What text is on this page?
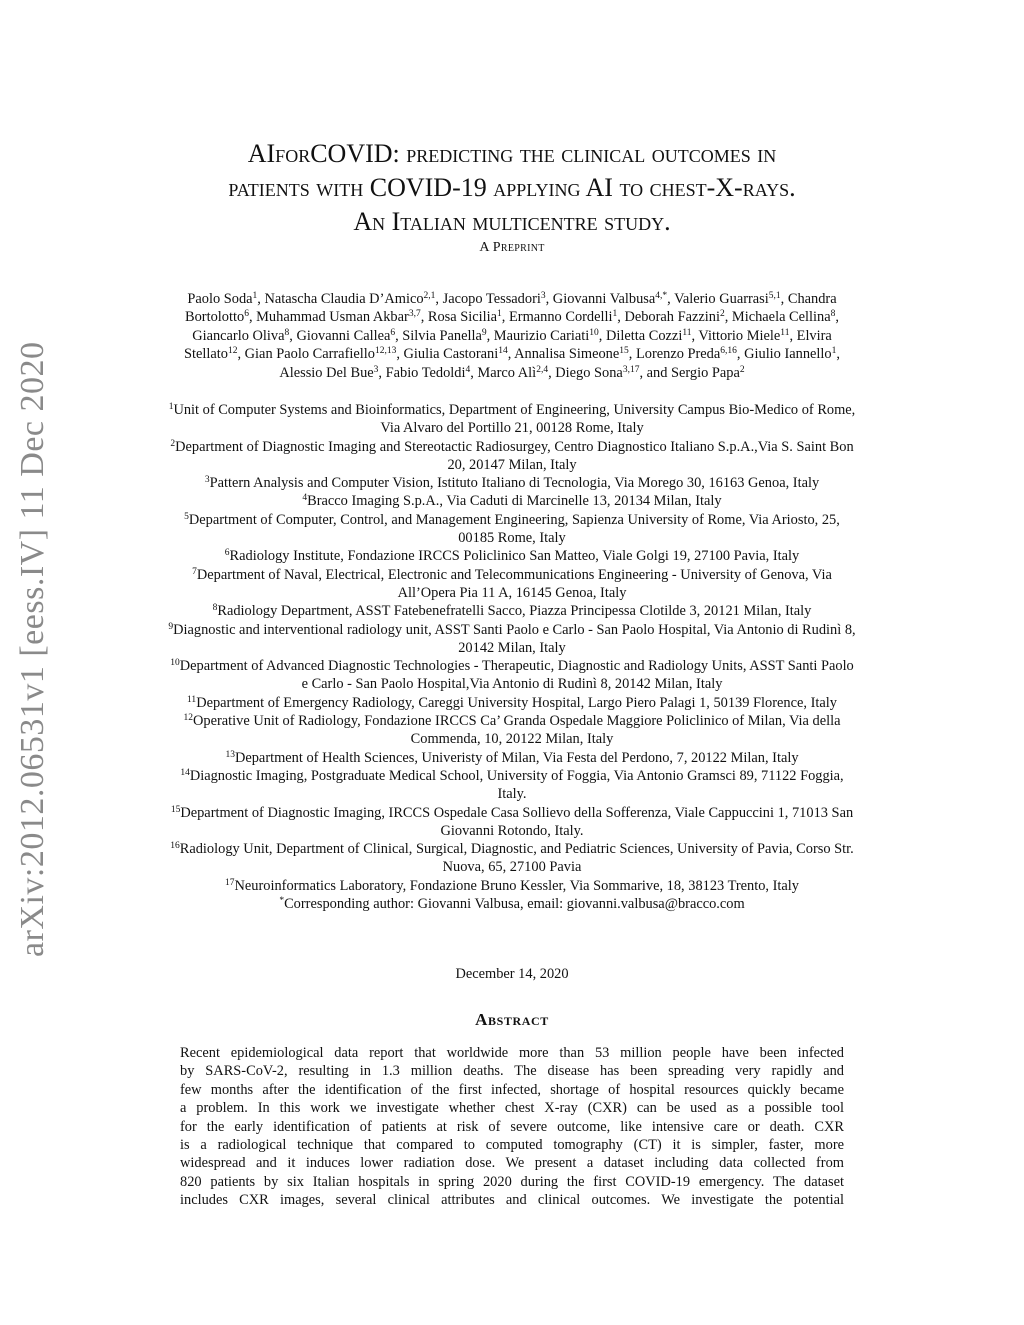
arXiv:2012.06531v1 [eess.IV] 11 Dec 2020
AIforCOVID: predicting the clinical outcomes in
patients with COVID-19 applying AI to chest-X-rays.
An Italian multicentre study.
A Preprint
Paolo Soda$^1$, Natascha Claudia D’Amico$^{2,1}$, Jacopo Tessadori$^3$, Giovanni Valbusa$^{4,*}$, Valerio Guarrasi$^{5,1}$, Chandra
Bortolotto$^6$, Muhammad Usman Akbar$^{3,7}$, Rosa Sicilia$^1$, Ermanno Cordelli$^1$, Deborah Fazzini$^2$, Michaela Cellina$^8$,
Giancarlo Oliva$^8$, Giovanni Callea$^6$, Silvia Panella$^9$, Maurizio Cariati$^{10}$, Diletta Cozzi$^{11}$, Vittorio Miele$^{11}$, Elvira
Stellato$^{12}$, Gian Paolo Carrafiello$^{12,13}$, Giulia Castorani$^{14}$, Annalisa Simeone$^{15}$, Lorenzo Preda$^{6,16}$, Giulio Iannello$^1$,
Alessio Del Bue$^3$, Fabio Tedoldi$^4$, Marco Alì$^{2,4}$, Diego Sona$^{3,17}$, and Sergio Papa$^2$
$^1$Unit of Computer Systems and Bioinformatics, Department of Engineering, University Campus Bio-Medico of Rome,
Via Alvaro del Portillo 21, 00128 Rome, Italy
$^2$Department of Diagnostic Imaging and Stereotactic Radiosurgey, Centro Diagnostico Italiano S.p.A.,Via S. Saint Bon
20, 20147 Milan, Italy
$^3$Pattern Analysis and Computer Vision, Istituto Italiano di Tecnologia, Via Morego 30, 16163 Genoa, Italy
$^4$Bracco Imaging S.p.A., Via Caduti di Marcinelle 13, 20134 Milan, Italy
$^5$Department of Computer, Control, and Management Engineering, Sapienza University of Rome, Via Ariosto, 25,
00185 Rome, Italy
$^6$Radiology Institute, Fondazione IRCCS Policlinico San Matteo, Viale Golgi 19, 27100 Pavia, Italy
$^7$Department of Naval, Electrical, Electronic and Telecommunications Engineering - University of Genova, Via
All’Opera Pia 11 A, 16145 Genoa, Italy
$^8$Radiology Department, ASST Fatebenefratelli Sacco, Piazza Principessa Clotilde 3, 20121 Milan, Italy
$^9$Diagnostic and interventional radiology unit, ASST Santi Paolo e Carlo - San Paolo Hospital, Via Antonio di Rudinì 8,
20142 Milan, Italy
$^{10}$Department of Advanced Diagnostic Technologies - Therapeutic, Diagnostic and Radiology Units, ASST Santi Paolo
e Carlo - San Paolo Hospital,Via Antonio di Rudinì 8, 20142 Milan, Italy
$^{11}$Department of Emergency Radiology, Careggi University Hospital, Largo Piero Palagi 1, 50139 Florence, Italy
$^{12}$Operative Unit of Radiology, Fondazione IRCCS Ca’ Granda Ospedale Maggiore Policlinico of Milan, Via della
Commenda, 10, 20122 Milan, Italy
$^{13}$Department of Health Sciences, Univeristy of Milan, Via Festa del Perdono, 7, 20122 Milan, Italy
$^{14}$Diagnostic Imaging, Postgraduate Medical School, University of Foggia, Via Antonio Gramsci 89, 71122 Foggia,
Italy.
$^{15}$Department of Diagnostic Imaging, IRCCS Ospedale Casa Sollievo della Sofferenza, Viale Cappuccini 1, 71013 San
Giovanni Rotondo, Italy.
$^{16}$Radiology Unit, Department of Clinical, Surgical, Diagnostic, and Pediatric Sciences, University of Pavia, Corso Str.
Nuova, 65, 27100 Pavia
$^{17}$Neuroinformatics Laboratory, Fondazione Bruno Kessler, Via Sommarive, 18, 38123 Trento, Italy
*Corresponding author: Giovanni Valbusa, email: giovanni.valbusa@bracco.com
December 14, 2020
Abstract
Recent epidemiological data report that worldwide more than 53 million people have been infected
by SARS-CoV-2, resulting in 1.3 million deaths. The disease has been spreading very rapidly and
few months after the identification of the first infected, shortage of hospital resources quickly became
a problem. In this work we investigate whether chest X-ray (CXR) can be used as a possible tool
for the early identification of patients at risk of severe outcome, like intensive care or death. CXR
is a radiological technique that compared to computed tomography (CT) it is simpler, faster, more
widespread and it induces lower radiation dose. We present a dataset including data collected from
820 patients by six Italian hospitals in spring 2020 during the first COVID-19 emergency. The dataset
includes CXR images, several clinical attributes and clinical outcomes. We investigate the potential
